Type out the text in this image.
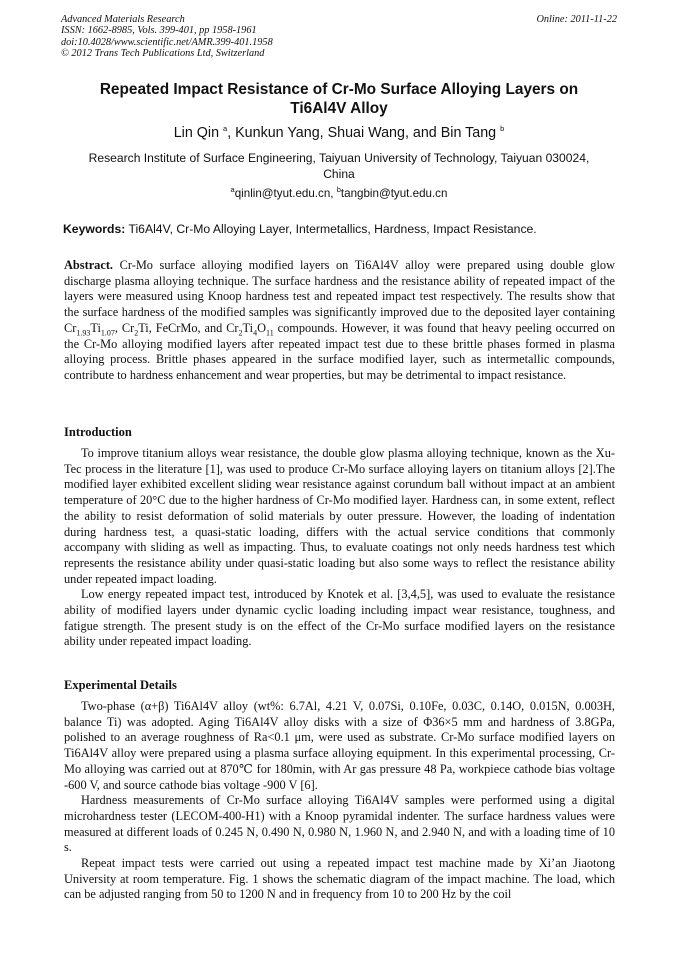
Advanced Materials Research
ISSN: 1662-8985, Vols. 399-401, pp 1958-1961
doi:10.4028/www.scientific.net/AMR.399-401.1958
© 2012 Trans Tech Publications Ltd, Switzerland
Online: 2011-11-22
Repeated Impact Resistance of Cr-Mo Surface Alloying Layers on
Ti6Al4V Alloy
Lin Qin $^a$, Kunkun Yang, Shuai Wang, and Bin Tang $^b$
Research Institute of Surface Engineering, Taiyuan University of Technology, Taiyuan 030024,
China
$^a$qinlin@tyut.edu.cn, $^b$tangbin@tyut.edu.cn
Keywords: Ti6Al4V, Cr-Mo Alloying Layer, Intermetallics, Hardness, Impact Resistance.

Abstract. Cr-Mo surface alloying modified layers on Ti6Al4V alloy were prepared using double glow discharge plasma alloying technique. The surface hardness and the resistance ability of repeated impact of the layers were measured using Knoop hardness test and repeated impact test respectively. The results show that the surface hardness of the modified samples was significantly improved due to the deposited layer containing $Cr_{1.93}Ti_{1.07}$, $Cr_2Ti$, FeCrMo, and $Cr_2Ti_4O_{11}$ compounds. However, it was found that heavy peeling occurred on the Cr-Mo alloying modified layers after repeated impact test due to these brittle phases formed in plasma alloying process. Brittle phases appeared in the surface modified layer, such as intermetallic compounds, contribute to hardness enhancement and wear properties, but may be detrimental to impact resistance.

Introduction

To improve titanium alloys wear resistance, the double glow plasma alloying technique, known as the Xu-Tec process in the literature [1], was used to produce Cr-Mo surface alloying layers on titanium alloys [2].The modified layer exhibited excellent sliding wear resistance against corundum ball without impact at an ambient temperature of 20°C due to the higher hardness of Cr-Mo modified layer. Hardness can, in some extent, reflect the ability to resist deformation of solid materials by outer pressure. However, the loading of indentation during hardness test, a quasi-static loading, differs with the actual service conditions that commonly accompany with sliding as well as impacting. Thus, to evaluate coatings not only needs hardness test which represents the resistance ability under quasi-static loading but also some ways to reflect the resistance ability under repeated impact loading.

Low energy repeated impact test, introduced by Knotek et al. [3,4,5], was used to evaluate the resistance ability of modified layers under dynamic cyclic loading including impact wear resistance, toughness, and fatigue strength. The present study is on the effect of the Cr-Mo surface modified layers on the resistance ability under repeated impact loading.

Experimental Details

Two-phase (α+β) Ti6Al4V alloy (wt%: 6.7Al, 4.21 V, 0.07Si, 0.10Fe, 0.03C, 0.14O, 0.015N, 0.003H, balance Ti) was adopted. Aging Ti6Al4V alloy disks with a size of Φ36×5 mm and hardness of 3.8GPa, polished to an average roughness of Ra<0.1 μm, were used as substrate. Cr-Mo surface modified layers on Ti6Al4V alloy were prepared using a plasma surface alloying equipment. In this experimental processing, Cr-Mo alloying was carried out at 870℃ for 180min, with Ar gas pressure 48 Pa, workpiece cathode bias voltage -600 V, and source cathode bias voltage -900 V [6].

Hardness measurements of Cr-Mo surface alloying Ti6Al4V samples were performed using a digital microhardness tester (LECOM-400-H1) with a Knoop pyramidal indenter. The surface hardness values were measured at different loads of 0.245 N, 0.490 N, 0.980 N, 1.960 N, and 2.940 N, and with a loading time of 10 s.

Repeat impact tests were carried out using a repeated impact test machine made by Xi’an Jiaotong University at room temperature. Fig. 1 shows the schematic diagram of the impact machine. The load, which can be adjusted ranging from 50 to 1200 N and in frequency from 10 to 200 Hz by the coil
